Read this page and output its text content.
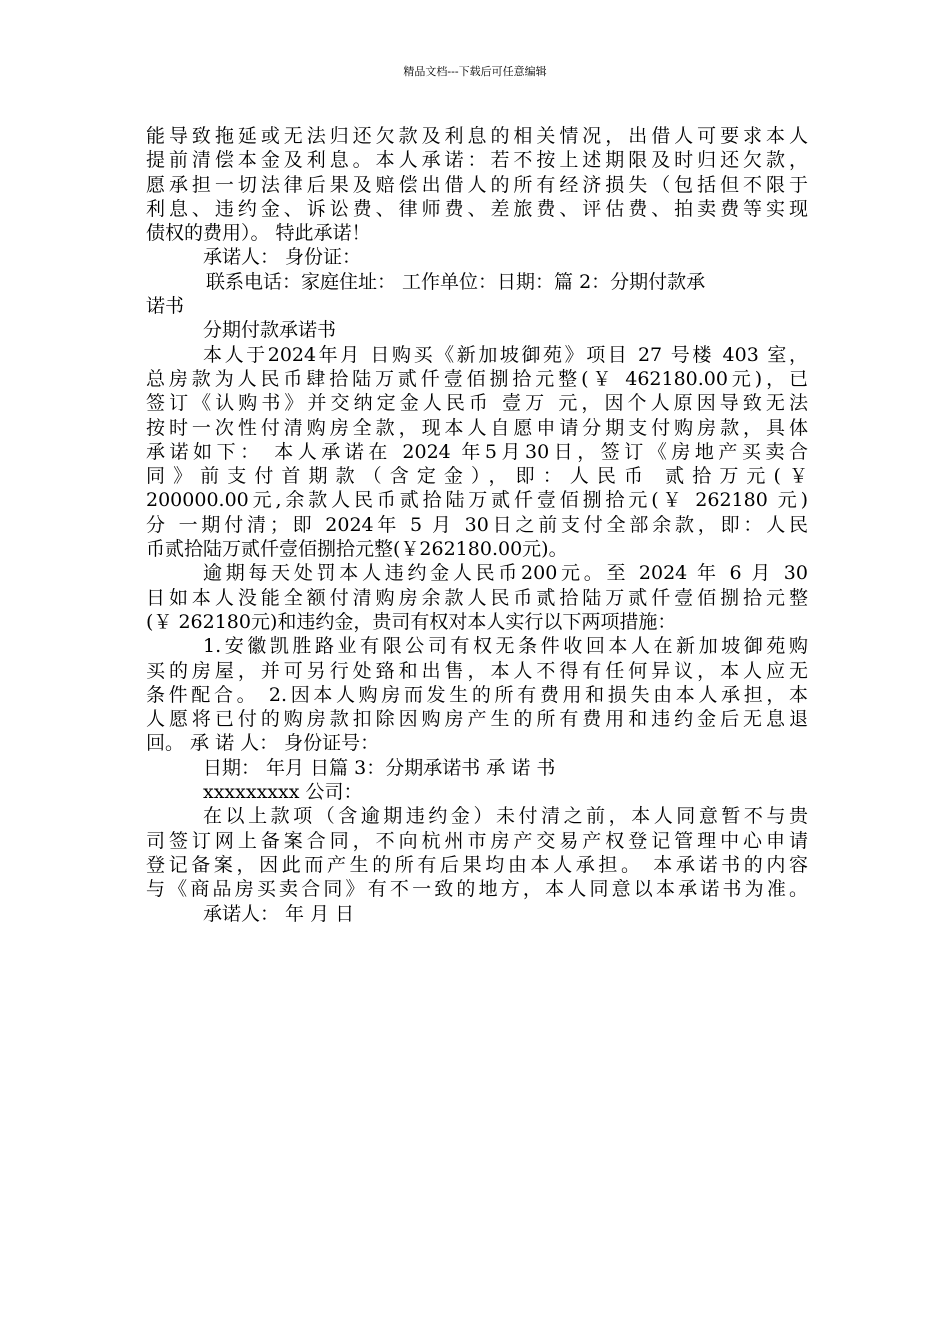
精品文档---下载后可任意编辑
能导致拖延或无法归还欠款及利息的相关情况，出借人可要求本人
提前清偿本金及利息。本人承诺：若不按上述期限及时归还欠款，
愿承担一切法律后果及赔偿出借人的所有经济损失（包括但不限于
利息、违约金、诉讼费、律师费、差旅费、评估费、拍卖费等实现
债权的费用）。 特此承诺！
承诺人： 身份证：
联系电话：家庭住址： 工作单位：日期：篇 2：分期付款承
诺书
分期付款承诺书
本人于2024年月 日购买《新加坡御苑》项目 27 号楼 403 室，
总房款为人民币肆拾陆万贰仟壹佰捌拾元整(￥ 462180.00元)，已
签订《认购书》并交纳定金人民币 壹万 元，因个人原因导致无法
按时一次性付清购房全款，现本人自愿申请分期支付购房款，具体
承诺如下： 本人承诺在 2024 年5月30日，签订《房地产买卖合
同》前支付首期款（含定金），即：人民币 贰拾万元(￥
200000.00元,余款人民币贰拾陆万贰仟壹佰捌拾元(￥ 262180 元)
分 一期付清；即 2024年 5 月 30日之前支付全部余款，即：人民
币贰拾陆万贰仟壹佰捌拾元整(￥262180.00元)。
逾期每天处罚本人违约金人民币200元。至 2024 年 6 月 30
日如本人没能全额付清购房余款人民币贰拾陆万贰仟壹佰捌拾元整
(￥ 262180元)和违约金，贵司有权对本人实行以下两项措施：
1.安徽凯胜路业有限公司有权无条件收回本人在新加坡御苑购
买的房屋，并可另行处臵和出售，本人不得有任何异议，本人应无
条件配合。 2.因本人购房而发生的所有费用和损失由本人承担，本
人愿将已付的购房款扣除因购房产生的所有费用和违约金后无息退
回。 承 诺 人： 身份证号：
日期： 年月 日篇 3：分期承诺书 承 诺 书
xxxxxxxxx 公司：
在以上款项（含逾期违约金）未付清之前，本人同意暂不与贵
司签订网上备案合同，不向杭州市房产交易产权登记管理中心申请
登记备案，因此而产生的所有后果均由本人承担。 本承诺书的内容
与《商品房买卖合同》有不一致的地方，本人同意以本承诺书为准。
承诺人： 年 月 日
